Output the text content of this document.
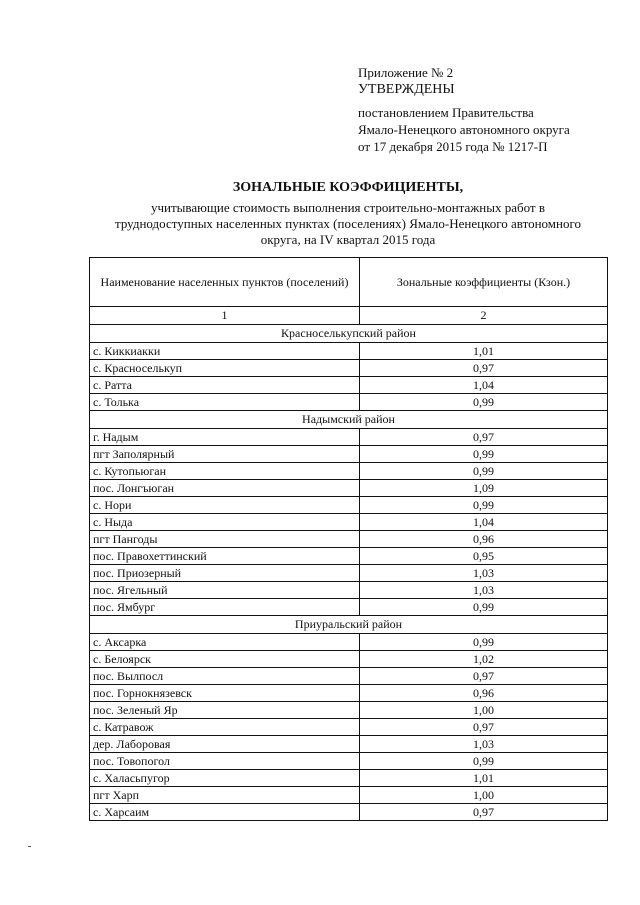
Приложение № 2
УТВЕРЖДЕНЫ
постановлением Правительства
Ямало-Ненецкого автономного округа
от 17 декабря 2015 года № 1217-П
ЗОНАЛЬНЫЕ КОЭФФИЦИЕНТЫ,
учитывающие стоимость выполнения строительно-монтажных работ в
труднодоступных населенных пунктах (поселениях) Ямало-Ненецкого автономного
округа, на IV квартал 2015 года
Наименование населенных пунктов (поселений)	Зональные коэффициенты (Кзон.)
1	2
Красноселькупский район	
с. Киккиакки	1,01
с. Красноселькуп	0,97
с. Ратта	1,04
с. Толька	0,99
Надымский район	
г. Надым	0,97
пгт Заполярный	0,99
с. Кутопьюган	0,99
пос. Лонгъюган	1,09
с. Нори	0,99
с. Ныда	1,04
пгт Пангоды	0,96
пос. Правохеттинский	0,95
пос. Приозерный	1,03
пос. Ягельный	1,03
пос. Ямбург	0,99
Приуральский район	
с. Аксарка	0,99
с. Белоярск	1,02
пос. Вылпосл	0,97
пос. Горнокнязевск	0,96
пос. Зеленый Яр	1,00
с. Катравож	0,97
дер. Лаборовая	1,03
пос. Товопогол	0,99
с. Халасьпугор	1,01
пгт Харп	1,00
с. Харсаим	0,97
